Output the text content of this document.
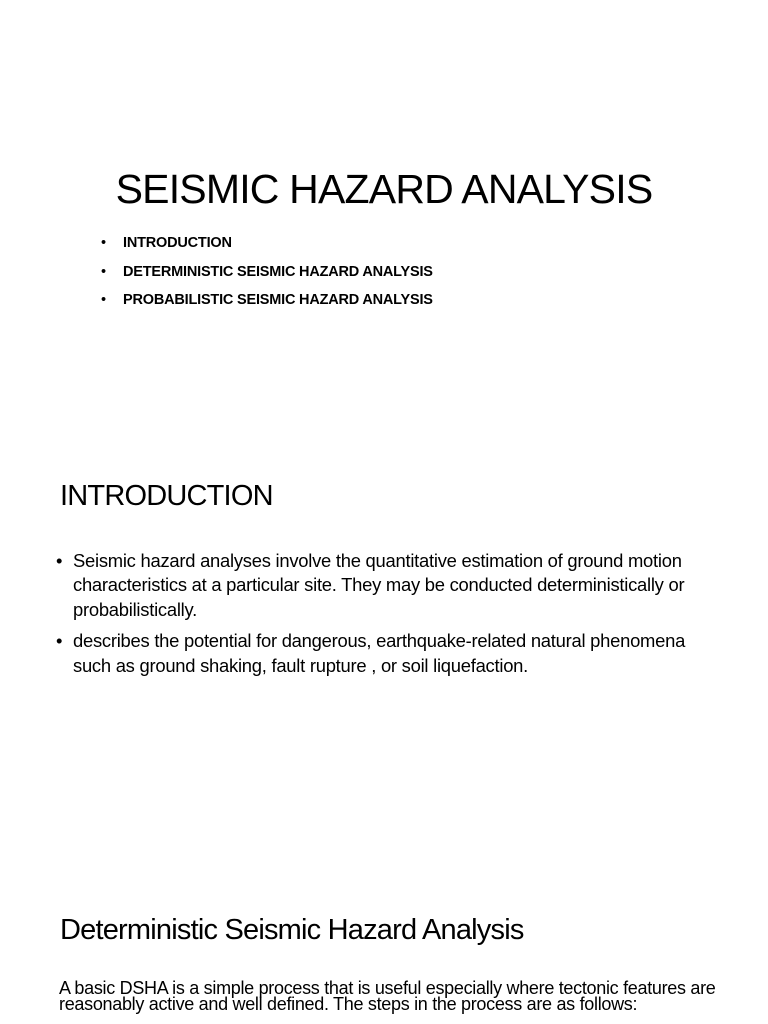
SEISMIC HAZARD ANALYSIS
• INTRODUCTION
• DETERMINISTIC SEISMIC HAZARD ANALYSIS
• PROBABILISTIC SEISMIC HAZARD ANALYSIS
INTRODUCTION
• Seismic hazard analyses involve the quantitative estimation of ground motion characteristics at a particular site. They may be conducted deterministically or probabilistically.
• describes the potential for dangerous, earthquake-related natural phenomena such as ground shaking, fault rupture , or soil liquefaction.
Deterministic Seismic Hazard Analysis

A basic DSHA is a simple process that is useful especially where tectonic features are reasonably active and well defined. The steps in the process are as follows:
